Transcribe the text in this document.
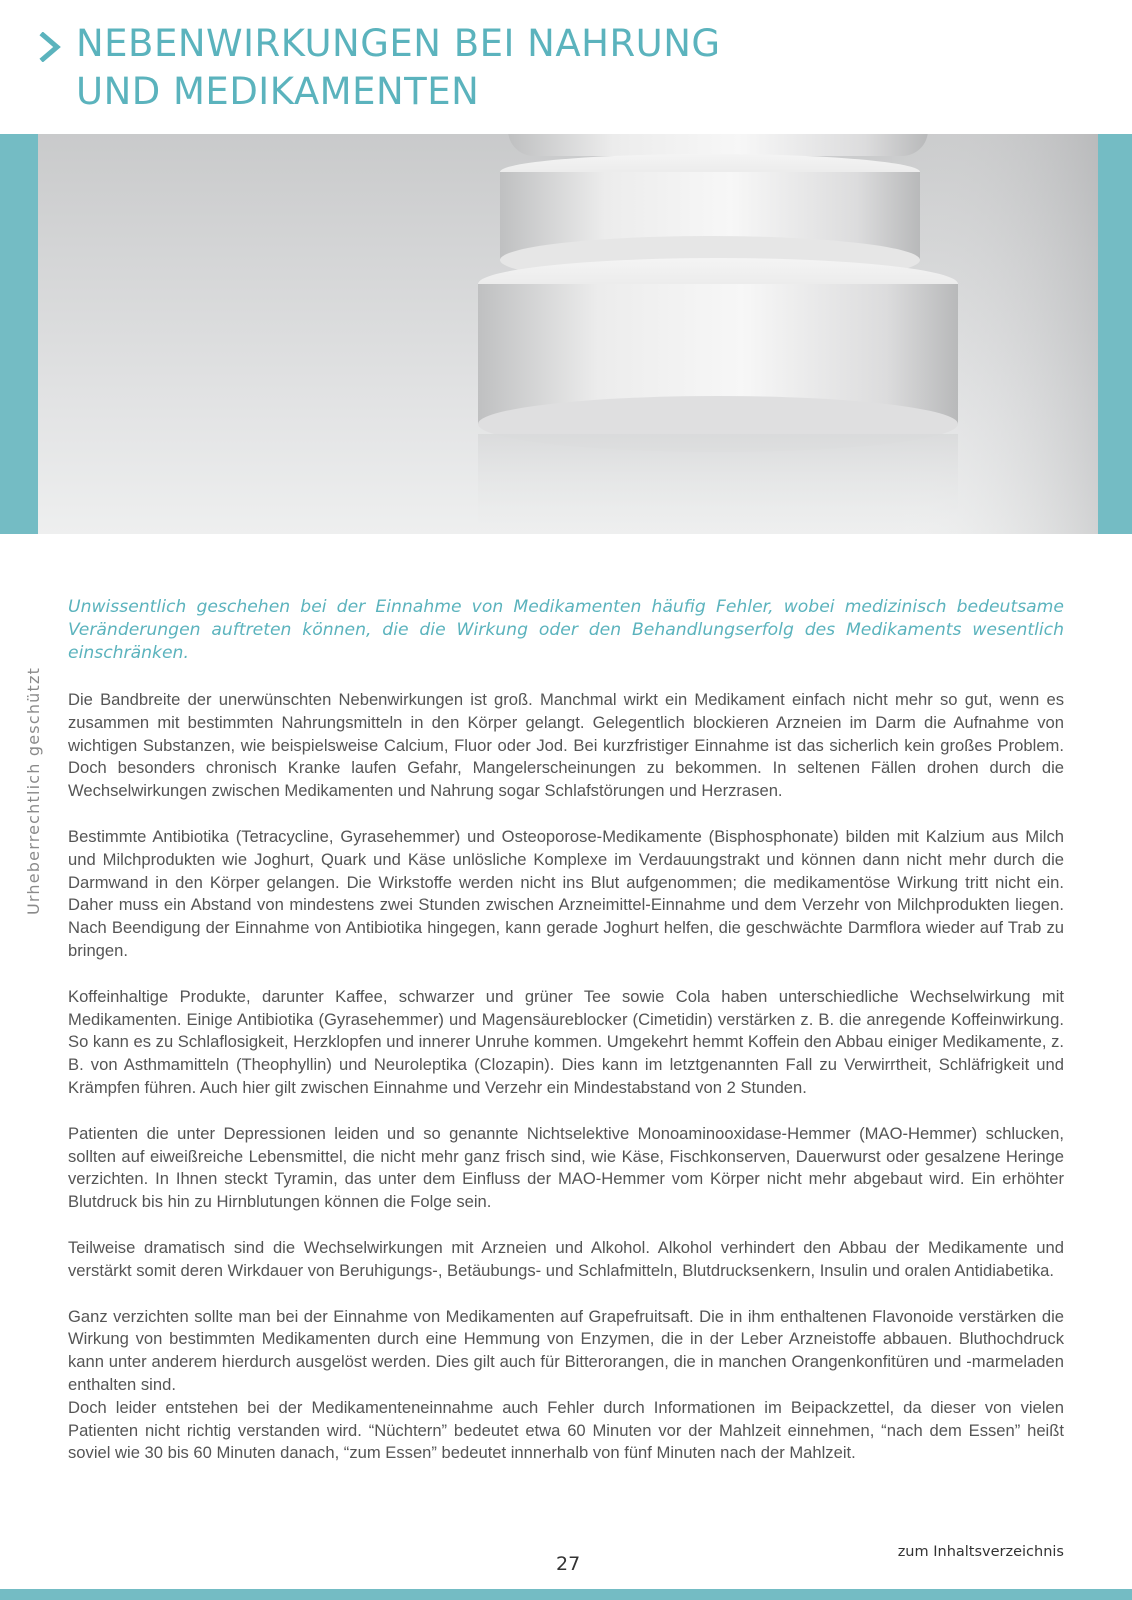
NEBENWIRKUNGEN BEI NAHRUNG
UND MEDIKAMENTEN
Urheberrechtlich geschützt

Unwissentlich geschehen bei der Einnahme von Medikamenten häufig Fehler, wobei medizinisch bedeutsame Veränderungen auftreten können, die die Wirkung oder den Behandlungserfolg des Medikaments wesentlich einschränken.

Die Bandbreite der unerwünschten Nebenwirkungen ist groß. Manchmal wirkt ein Medikament einfach nicht mehr so gut, wenn es zusammen mit bestimmten Nahrungsmitteln in den Körper gelangt. Gelegentlich blockieren Arzneien im Darm die Aufnahme von wichtigen Substanzen, wie beispielsweise Calcium, Fluor oder Jod. Bei kurzfristiger Einnahme ist das sicherlich kein großes Problem. Doch besonders chronisch Kranke laufen Gefahr, Mangelerscheinungen zu bekommen. In seltenen Fällen drohen durch die Wechselwirkungen zwischen Medikamenten und Nahrung sogar Schlafstörungen und Herzrasen.

Bestimmte Antibiotika (Tetracycline, Gyrasehemmer) und Osteoporose-Medikamente (Bisphosphonate) bilden mit Kalzium aus Milch und Milchprodukten wie Joghurt, Quark und Käse unlösliche Komplexe im Verdauungstrakt und können dann nicht mehr durch die Darmwand in den Körper gelangen. Die Wirkstoffe werden nicht ins Blut aufgenommen; die medikamentöse Wirkung tritt nicht ein. Daher muss ein Abstand von mindestens zwei Stunden zwischen Arzneimittel-Einnahme und dem Verzehr von Milchprodukten liegen. Nach Beendigung der Einnahme von Antibiotika hingegen, kann gerade Joghurt helfen, die geschwächte Darmflora wieder auf Trab zu bringen.

Koffeinhaltige Produkte, darunter Kaffee, schwarzer und grüner Tee sowie Cola haben unterschiedliche Wechselwirkung mit Medikamenten. Einige Antibiotika (Gyrasehemmer) und Magensäureblocker (Cimetidin) verstärken z. B. die anregende Koffeinwirkung. So kann es zu Schlaflosigkeit, Herzklopfen und innerer Unruhe kommen. Umgekehrt hemmt Koffein den Abbau einiger Medikamente, z. B. von Asthmamitteln (Theophyllin) und Neuroleptika (Clozapin). Dies kann im letztgenannten Fall zu Verwirrtheit, Schläfrigkeit und Krämpfen führen. Auch hier gilt zwischen Einnahme und Verzehr ein Mindestabstand von 2 Stunden.

Patienten die unter Depressionen leiden und so genannte Nichtselektive Monoaminooxidase-Hemmer (MAO-Hemmer) schlucken, sollten auf eiweißreiche Lebensmittel, die nicht mehr ganz frisch sind, wie Käse, Fischkonserven, Dauerwurst oder gesalzene Heringe verzichten. In Ihnen steckt Tyramin, das unter dem Einfluss der MAO-Hemmer vom Körper nicht mehr abgebaut wird. Ein erhöhter Blutdruck bis hin zu Hirnblutungen können die Folge sein.

Teilweise dramatisch sind die Wechselwirkungen mit Arzneien und Alkohol. Alkohol verhindert den Abbau der Medikamente und verstärkt somit deren Wirkdauer von Beruhigungs-, Betäubungs- und Schlafmitteln, Blutdrucksenkern, Insulin und oralen Antidiabetika.

Ganz verzichten sollte man bei der Einnahme von Medikamenten auf Grapefruitsaft. Die in ihm enthaltenen Flavonoide verstärken die Wirkung von bestimmten Medikamenten durch eine Hemmung von Enzymen, die in der Leber Arzneistoffe abbauen. Bluthochdruck kann unter anderem hierdurch ausgelöst werden. Dies gilt auch für Bitterorangen, die in manchen Orangenkonfitüren und -marmeladen enthalten sind.

Doch leider entstehen bei der Medikamenteneinnahme auch Fehler durch Informationen im Beipackzettel, da dieser von vielen Patienten nicht richtig verstanden wird. “Nüchtern” bedeutet etwa 60 Minuten vor der Mahlzeit einnehmen, “nach dem Essen” heißt soviel wie 30 bis 60 Minuten danach, “zum Essen” bedeutet innnerhalb von fünf Minuten nach der Mahlzeit.

27
zum Inhaltsverzeichnis
